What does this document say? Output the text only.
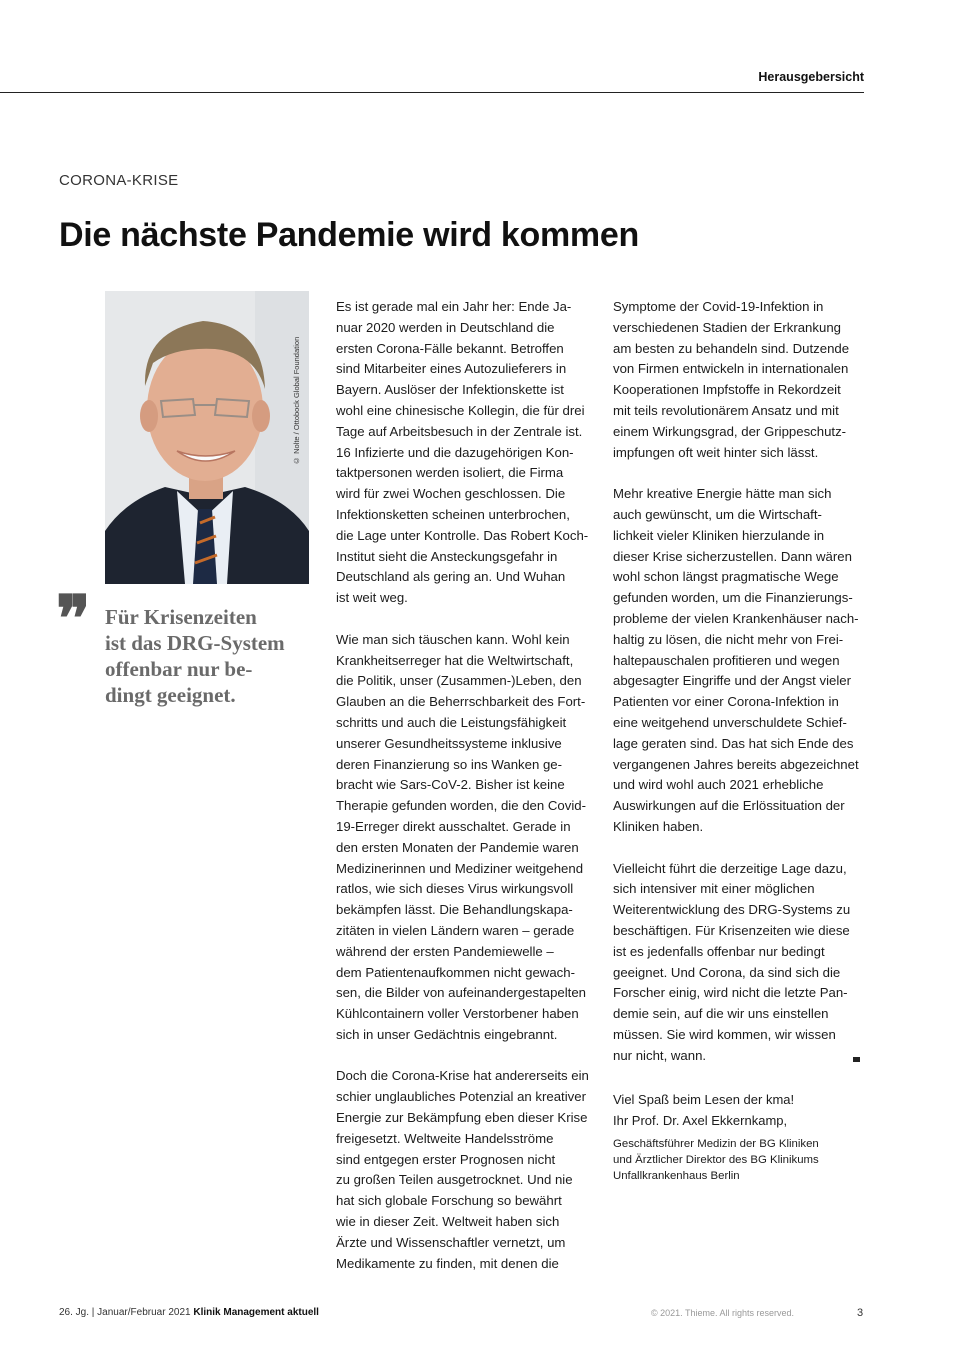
Herausgebersicht
CORONA-KRISE
Die nächste Pandemie wird kommen
© Nolte / Ottobock Global Foundation
❞ Für Krisenzeiten
ist das DRG-System
offenbar nur be-
dingt geeignet.
Es ist gerade mal ein Jahr her: Ende Ja-
nuar 2020 werden in Deutschland die
ersten Corona-Fälle bekannt. Betroffen
sind Mitarbeiter eines Autozulieferers in
Bayern. Auslöser der Infektionskette ist
wohl eine chinesische Kollegin, die für drei
Tage auf Arbeitsbesuch in der Zentrale ist.
16 Infizierte und die dazugehörigen Kon-
taktpersonen werden isoliert, die Firma
wird für zwei Wochen geschlossen. Die
Infektionsketten scheinen unterbrochen,
die Lage unter Kontrolle. Das Robert Koch-
Institut sieht die Ansteckungsgefahr in
Deutschland als gering an. Und Wuhan
ist weit weg.
Wie man sich täuschen kann. Wohl kein
Krankheitserreger hat die Weltwirtschaft,
die Politik, unser (Zusammen-)Leben, den
Glauben an die Beherrschbarkeit des Fort-
schritts und auch die Leistungsfähigkeit
unserer Gesundheitssysteme inklusive
deren Finanzierung so ins Wanken ge-
bracht wie Sars-CoV-2. Bisher ist keine
Therapie gefunden worden, die den Covid-
19-Erreger direkt ausschaltet. Gerade in
den ersten Monaten der Pandemie waren
Medizinerinnen und Mediziner weitgehend
ratlos, wie sich dieses Virus wirkungsvoll
bekämpfen lässt. Die Behandlungskapa-
zitäten in vielen Ländern waren – gerade
während der ersten Pandemiewelle –
dem Patientenaufkommen nicht gewach-
sen, die Bilder von aufeinandergestapelten
Kühlcontainern voller Verstorbener haben
sich in unser Gedächtnis eingebrannt.
Doch die Corona-Krise hat andererseits ein
schier unglaubliches Potenzial an kreativer
Energie zur Bekämpfung eben dieser Krise
freigesetzt. Weltweite Handelsströme
sind entgegen erster Prognosen nicht
zu großen Teilen ausgetrocknet. Und nie
hat sich globale Forschung so bewährt
wie in dieser Zeit. Weltweit haben sich
Ärzte und Wissenschaftler vernetzt, um
Medikamente zu finden, mit denen die
Symptome der Covid-19-Infektion in
verschiedenen Stadien der Erkrankung
am besten zu behandeln sind. Dutzende
von Firmen entwickeln in internationalen
Kooperationen Impfstoffe in Rekordzeit
mit teils revolutionärem Ansatz und mit
einem Wirkungsgrad, der Grippeschutz-
impfungen oft weit hinter sich lässt.
Mehr kreative Energie hätte man sich
auch gewünscht, um die Wirtschaft-
lichkeit vieler Kliniken hierzulande in
dieser Krise sicherzustellen. Dann wären
wohl schon längst pragmatische Wege
gefunden worden, um die Finanzierungs-
probleme der vielen Krankenhäuser nach-
haltig zu lösen, die nicht mehr von Frei-
haltepauschalen profitieren und wegen
abgesagter Eingriffe und der Angst vieler
Patienten vor einer Corona-Infektion in
eine weitgehend unverschuldete Schief-
lage geraten sind. Das hat sich Ende des
vergangenen Jahres bereits abgezeichnet
und wird wohl auch 2021 erhebliche
Auswirkungen auf die Erlössituation der
Kliniken haben.
Vielleicht führt die derzeitige Lage dazu,
sich intensiver mit einer möglichen
Weiterentwicklung des DRG-Systems zu
beschäftigen. Für Krisenzeiten wie diese
ist es jedenfalls offenbar nur bedingt
geeignet. Und Corona, da sind sich die
Forscher einig, wird nicht die letzte Pan-
demie sein, auf die wir uns einstellen
müssen. Sie wird kommen, wir wissen
nur nicht, wann.
Viel Spaß beim Lesen der kma!
Ihr Prof. Dr. Axel Ekkernkamp,
Geschäftsführer Medizin der BG Kliniken
und Ärztlicher Direktor des BG Klinikums
Unfallkrankenhaus Berlin
26. Jg. | Januar/Februar 2021 Klinik Management aktuell	© 2021. Thieme. All rights reserved.	3
